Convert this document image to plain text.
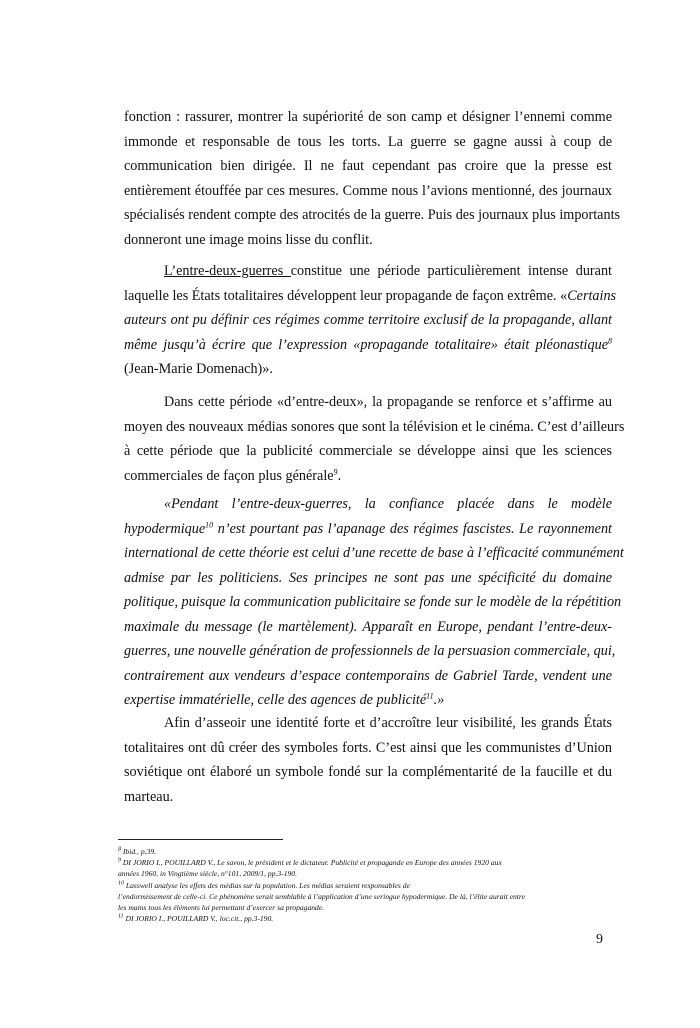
fonction : rassurer, montrer la supériorité de son camp et désigner l’ennemi comme
immonde et responsable de tous les torts. La guerre se gagne aussi à coup de
communication bien dirigée. Il ne faut cependant pas croire que la presse est
entièrement étouffée par ces mesures. Comme nous l’avions mentionné, des journaux
spécialisés rendent compte des atrocités de la guerre. Puis des journaux plus importants
donneront une image moins lisse du conflit.
L’entre-deux-guerres constitue une période particulièrement intense durant
laquelle les États totalitaires développent leur propagande de façon extrême. «Certains
auteurs ont pu définir ces régimes comme territoire exclusif de la propagande, allant
même jusqu’à écrire que l’expression «propagande totalitaire» était pléonastique$^8$
(Jean-Marie Domenach)».
Dans cette période «d’entre-deux», la propagande se renforce et s’affirme au
moyen des nouveaux médias sonores que sont la télévision et le cinéma. C’est d’ailleurs
à cette période que la publicité commerciale se développe ainsi que les sciences
commerciales de façon plus générale$^9$.
«Pendant l’entre-deux-guerres, la confiance placée dans le modèle
hypodermique$^{10}$ n’est pourtant pas l’apanage des régimes fascistes. Le rayonnement
international de cette théorie est celui d’une recette de base à l’efficacité communément
admise par les politiciens. Ses principes ne sont pas une spécificité du domaine
politique, puisque la communication publicitaire se fonde sur le modèle de la répétition
maximale du message (le martèlement). Apparaît en Europe, pendant l’entre-deux-
guerres, une nouvelle génération de professionnels de la persuasion commerciale, qui,
contrairement aux vendeurs d’espace contemporains de Gabriel Tarde, vendent une
expertise immatérielle, celle des agences de publicité$^{11}$.»
Afin d’asseoir une identité forte et d’accroître leur visibilité, les grands États
totalitaires ont dû créer des symboles forts. C’est ainsi que les communistes d’Union
soviétique ont élaboré un symbole fondé sur la complémentarité de la faucille et du
marteau.
$^8$ Ibid., p.39.
$^9$ DI JORIO I., POUILLARD V., Le savon, le président et le dictateur. Publicité et propagande en Europe des années 1920 aux
années 1960, in Vingtième siècle, n°101, 2009/1, pp.3-190.
$^{10}$ Lasswell analyse les effets des médias sur la population. Les médias seraient responsables de
l’endormissement de celle-ci. Ce phénomène serait semblable à l’application d’une seringue hypodermique. De là, l’élite aurait entre
les mains tous les éléments lui permettant d’exercer sa propagande.
$^{11}$ DI JORIO I., POUILLARD V., loc.cit., pp.3-190.
9
